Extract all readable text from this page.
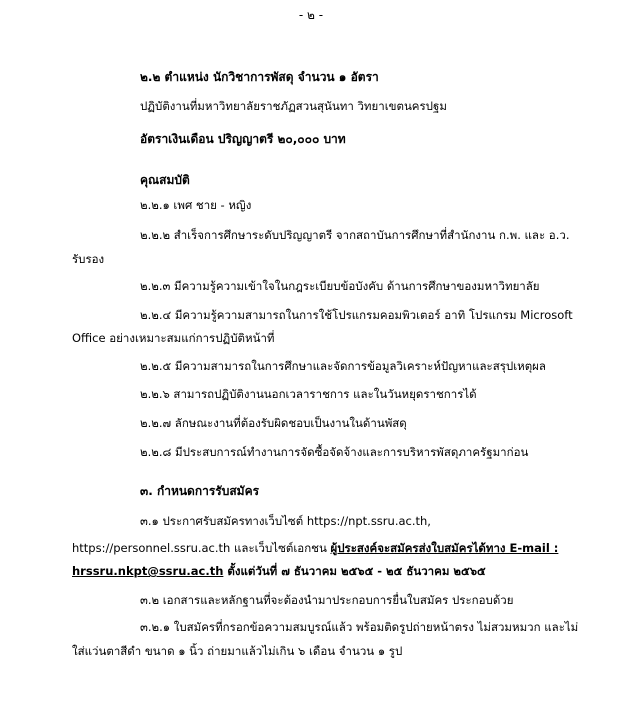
- ๒ -
๒.๒ ตำแหน่ง นักวิชาการพัสดุ จำนวน ๑ อัตรา
ปฏิบัติงานที่มหาวิทยาลัยราชภัฏสวนสุนันทา วิทยาเขตนครปฐม
อัตราเงินเดือน ปริญญาตรี ๒๐,๐๐๐ บาท
คุณสมบัติ
๒.๒.๑ เพศ ชาย - หญิง
๒.๒.๒ สำเร็จการศึกษาระดับปริญญาตรี จากสถาบันการศึกษาที่สำนักงาน ก.พ. และ อ.ว.
รับรอง
๒.๒.๓ มีความรู้ความเข้าใจในกฎระเบียบข้อบังคับ ด้านการศึกษาของมหาวิทยาลัย
๒.๒.๔ มีความรู้ความสามารถในการใช้โปรแกรมคอมพิวเตอร์ อาทิ โปรแกรม Microsoft
Office อย่างเหมาะสมแก่การปฏิบัติหน้าที่
๒.๒.๕ มีความสามารถในการศึกษาและจัดการข้อมูลวิเคราะห์ปัญหาและสรุปเหตุผล
๒.๒.๖ สามารถปฏิบัติงานนอกเวลาราชการ และในวันหยุดราชการได้
๒.๒.๗ ลักษณะงานที่ต้องรับผิดชอบเป็นงานในด้านพัสดุ
๒.๒.๘ มีประสบการณ์ทำงานการจัดซื้อจัดจ้างและการบริหารพัสดุภาครัฐมาก่อน
๓. กำหนดการรับสมัคร
๓.๑ ประกาศรับสมัครทางเว็บไซต์ https://npt.ssru.ac.th,
https://personnel.ssru.ac.th และเว็บไซต์เอกชน ผู้ประสงค์จะสมัครส่งใบสมัครได้ทาง E-mail :
hrssru.nkpt@ssru.ac.th ตั้งแต่วันที่ ๗ ธันวาคม ๒๕๖๕ - ๒๕ ธันวาคม ๒๕๖๕
๓.๒ เอกสารและหลักฐานที่จะต้องนำมาประกอบการยื่นใบสมัคร ประกอบด้วย
๓.๒.๑ ใบสมัครที่กรอกข้อความสมบูรณ์แล้ว พร้อมติดรูปถ่ายหน้าตรง ไม่สวมหมวก และไม่
ใส่แว่นตาสีดำ ขนาด ๑ นิ้ว ถ่ายมาแล้วไม่เกิน ๖ เดือน จำนวน ๑ รูป
